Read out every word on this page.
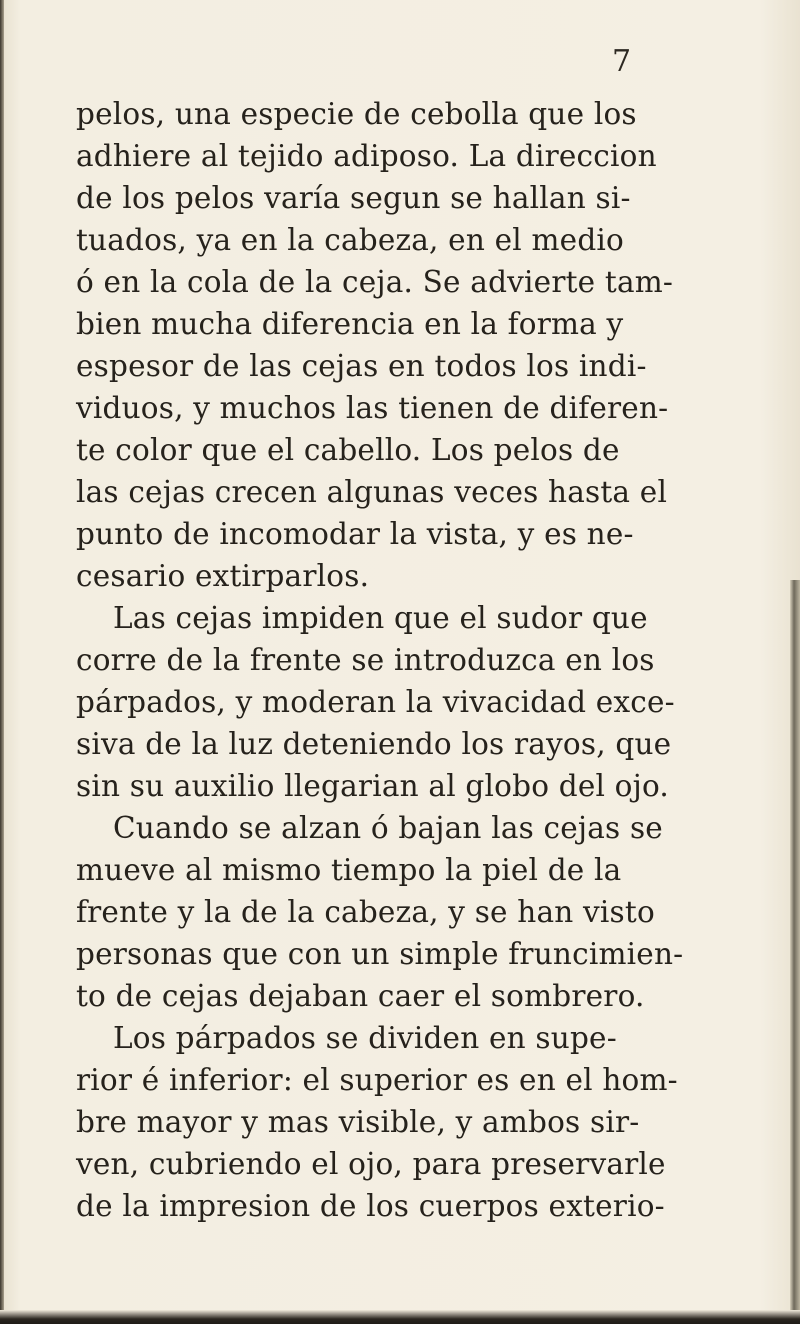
7
pelos, una especie de cebolla que los
adhiere al tejido adiposo. La direccion
de los pelos varía segun se hallan si-
tuados, ya en la cabeza, en el medio
ó en la cola de la ceja. Se advierte tam-
bien mucha diferencia en la forma y
espesor de las cejas en todos los indi-
viduos, y muchos las tienen de diferen-
te color que el cabello. Los pelos de
las cejas crecen algunas veces hasta el
punto de incomodar la vista, y es ne-
cesario extirparlos.
Las cejas impiden que el sudor que
corre de la frente se introduzca en los
párpados, y moderan la vivacidad exce-
siva de la luz deteniendo los rayos, que
sin su auxilio llegarian al globo del ojo.
Cuando se alzan ó bajan las cejas se
mueve al mismo tiempo la piel de la
frente y la de la cabeza, y se han visto
personas que con un simple fruncimien-
to de cejas dejaban caer el sombrero.
Los párpados se dividen en supe-
rior é inferior: el superior es en el hom-
bre mayor y mas visible, y ambos sir-
ven, cubriendo el ojo, para preservarle
de la impresion de los cuerpos exterio-
